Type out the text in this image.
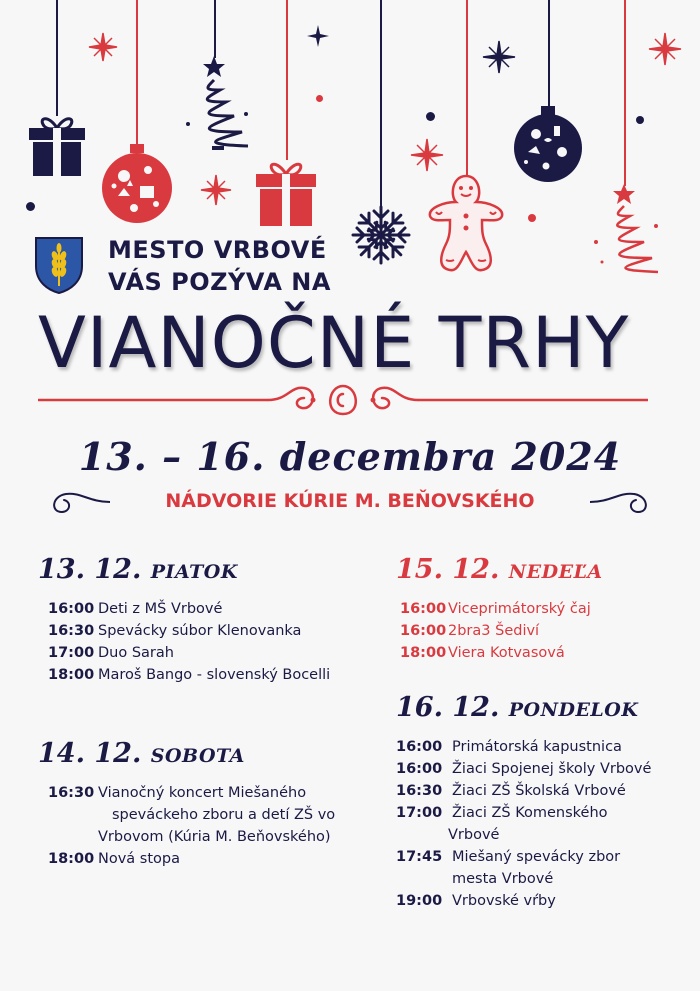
MESTO VRBOVÉ
VÁS POZÝVA NA
VIANOČNÉ TRHY
13. – 16. decembra 2024
NÁDVORIE KÚRIE M. BEŇOVSKÉHO
13. 12. PIATOK
16:00 Deti z MŠ Vrbové
16:30 Spevácky súbor Klenovanka
17:00 Duo Sarah
18:00 Maroš Bango - slovenský Bocelli
14. 12. SOBOTA
16:30 Vianočný koncert Miešaného
speváckeho zboru a detí ZŠ vo
Vrbovom (Kúria M. Beňovského)
18:00 Nová stopa
15. 12. NEDEĽA
16:00 Viceprimátorský čaj
16:00 2bra3 Šediví
18:00 Viera Kotvasová
16. 12. PONDELOK
16:00 Primátorská kapustnica
16:00 Žiaci Spojenej školy Vrbové
16:30 Žiaci ZŠ Školská Vrbové
17:00 Žiaci ZŠ Komenského
Vrbové
17:45 Miešaný spevácky zbor
mesta Vrbové
19:00 Vrbovské vŕby
